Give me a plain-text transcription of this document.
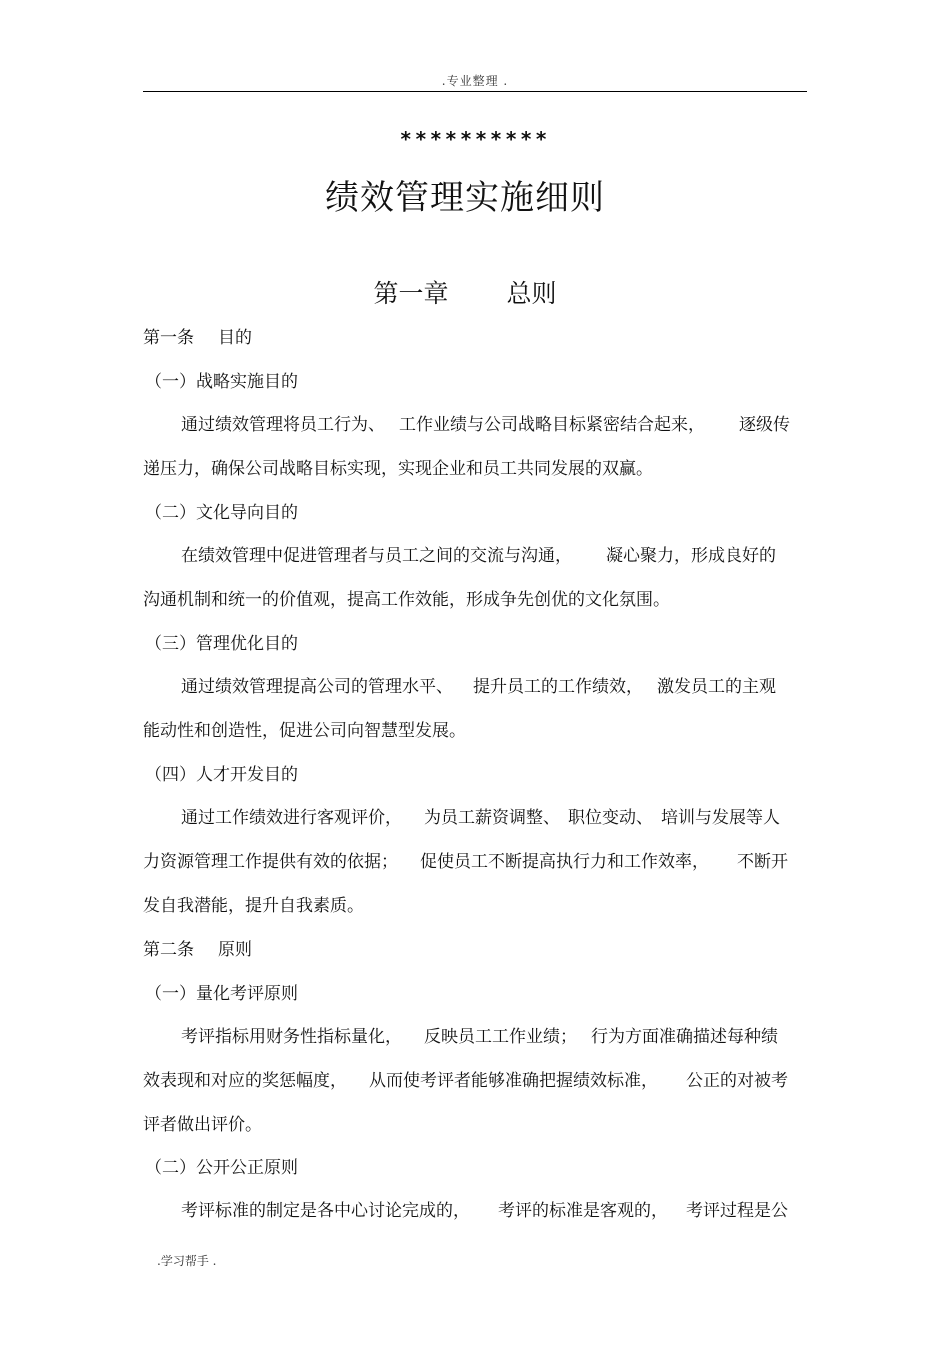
.专业整理 .
**********
绩效管理实施细则
第一章 总则
第一条 目的
（一）战略实施目的
通过绩效管理将员工行为、 工作业绩与公司战略目标紧密结合起来， 逐级传
递压力，确保公司战略目标实现，实现企业和员工共同发展的双赢。
（二）文化导向目的
在绩效管理中促进管理者与员工之间的交流与沟通， 凝心聚力，形成良好的
沟通机制和统一的价值观，提高工作效能，形成争先创优的文化氛围。
（三）管理优化目的
通过绩效管理提高公司的管理水平、 提升员工的工作绩效， 激发员工的主观
能动性和创造性，促进公司向智慧型发展。
（四）人才开发目的
通过工作绩效进行客观评价， 为员工薪资调整、 职位变动、 培训与发展等人
力资源管理工作提供有效的依据； 促使员工不断提高执行力和工作效率， 不断开
发自我潜能，提升自我素质。
第二条 原则
（一）量化考评原则
考评指标用财务性指标量化， 反映员工工作业绩； 行为方面准确描述每种绩
效表现和对应的奖惩幅度， 从而使考评者能够准确把握绩效标准， 公正的对被考
评者做出评价。
（二）公开公正原则
考评标准的制定是各中心讨论完成的， 考评的标准是客观的， 考评过程是公
.学习帮手 .
